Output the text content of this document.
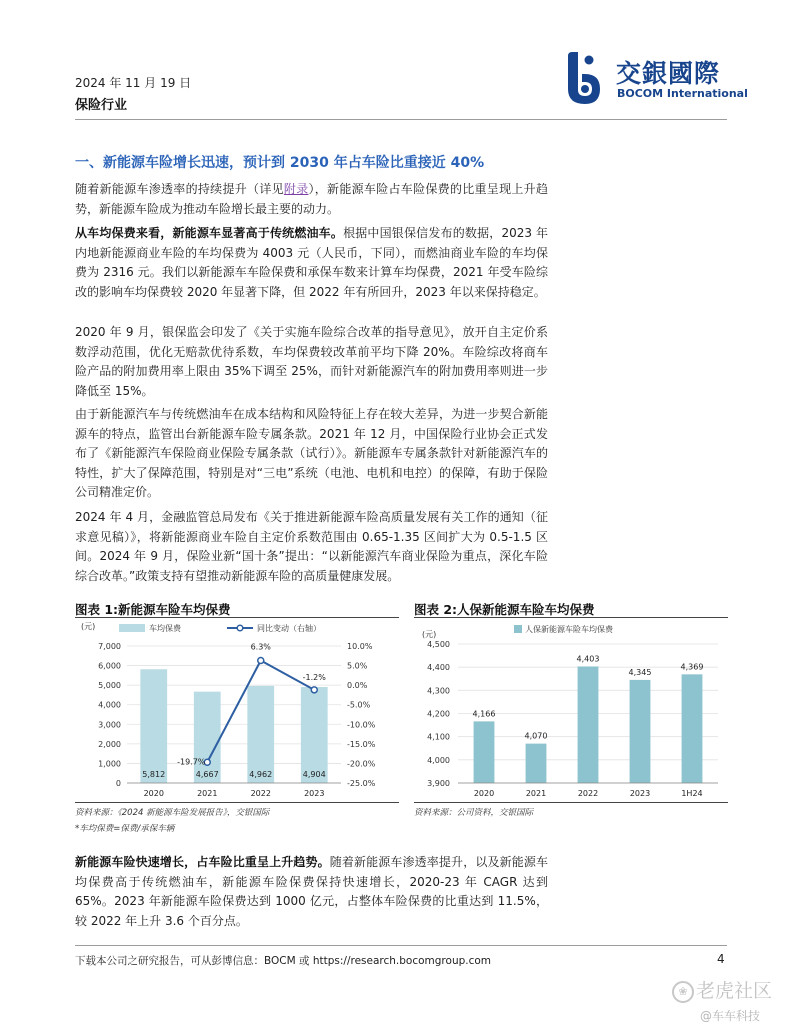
2024 年 11 月 19 日
保险行业
交銀國際
BOCOM International
一、新能源车险增长迅速，预计到 2030 年占车险比重接近 40%
随着新能源车渗透率的持续提升（详见附录），新能源车险占车险保费的比重呈现上升趋势，新能源车险成为推动车险增长最主要的动力。
从车均保费来看，新能源车显著高于传统燃油车。根据中国银保信发布的数据，2023 年内地新能源商业车险的车均保费为 4003 元（人民币，下同），而燃油商业车险的车均保费为 2316 元。我们以新能源车车险保费和承保车数来计算车均保费，2021 年受车险综改的影响车均保费较 2020 年显著下降，但 2022 年有所回升，2023 年以来保持稳定。
2020 年 9 月，银保监会印发了《关于实施车险综合改革的指导意见》，放开自主定价系数浮动范围，优化无赔款优待系数，车均保费较改革前平均下降 20%。车险综改将商车险产品的附加费用率上限由 35%下调至 25%，而针对新能源汽车的附加费用率则进一步降低至 15%。
由于新能源汽车与传统燃油车在成本结构和风险特征上存在较大差异，为进一步契合新能源车的特点，监管出台新能源车险专属条款。2021 年 12 月，中国保险行业协会正式发布了《新能源汽车保险商业保险专属条款（试行）》。新能源车专属条款针对新能源汽车的特性，扩大了保障范围，特别是对“三电”系统（电池、电机和电控）的保障，有助于保险公司精准定价。
2024 年 4 月，金融监管总局发布《关于推进新能源车险高质量发展有关工作的通知（征求意见稿）》，将新能源商业车险自主定价系数范围由 0.65-1.35 区间扩大为 0.5-1.5 区间。2024 年 9 月，保险业新“国十条”提出：“以新能源汽车商业保险为重点，深化车险综合改革。”政策支持有望推动新能源车险的高质量健康发展。
图表 1:新能源车险车均保费
(元)	车均保费	同比变动（右轴）
0
1,000
2,000
3,000
4,000
5,000
6,000
7,000
-25.0%
-20.0%
-15.0%
-10.0%
-5.0%
0.0%
5.0%
10.0%
5,812	4,667	4,962	4,904
2020	2021	2022	2023
-19.7%
6.3%
-1.2%
资料来源：《2024 新能源车险发展报告》，交银国际
*车均保费=保费/承保车辆
图表 2:人保新能源车险车均保费
(元)
人保新能源车险车均保费
3,900
4,000
4,100
4,200
4,300
4,400
4,500
4,166
4,070
4,403
4,345
4,369
2020	2021	2022	2023	1H24
资料来源：公司资料，交银国际
新能源车险快速增长，占车险比重呈上升趋势。随着新能源车渗透率提升，以及新能源车均保费高于传统燃油车，新能源车险保费保持快速增长，2020-23 年 CAGR 达到 65%。2023 年新能源车险保费达到 1000 亿元，占整体车险保费的比重达到 11.5%，较 2022 年上升 3.6 个百分点。
下载本公司之研究报告，可从彭博信息：BOCM 或 https://research.bocomgroup.com	4
❀ 老虎社区
@车车科技
